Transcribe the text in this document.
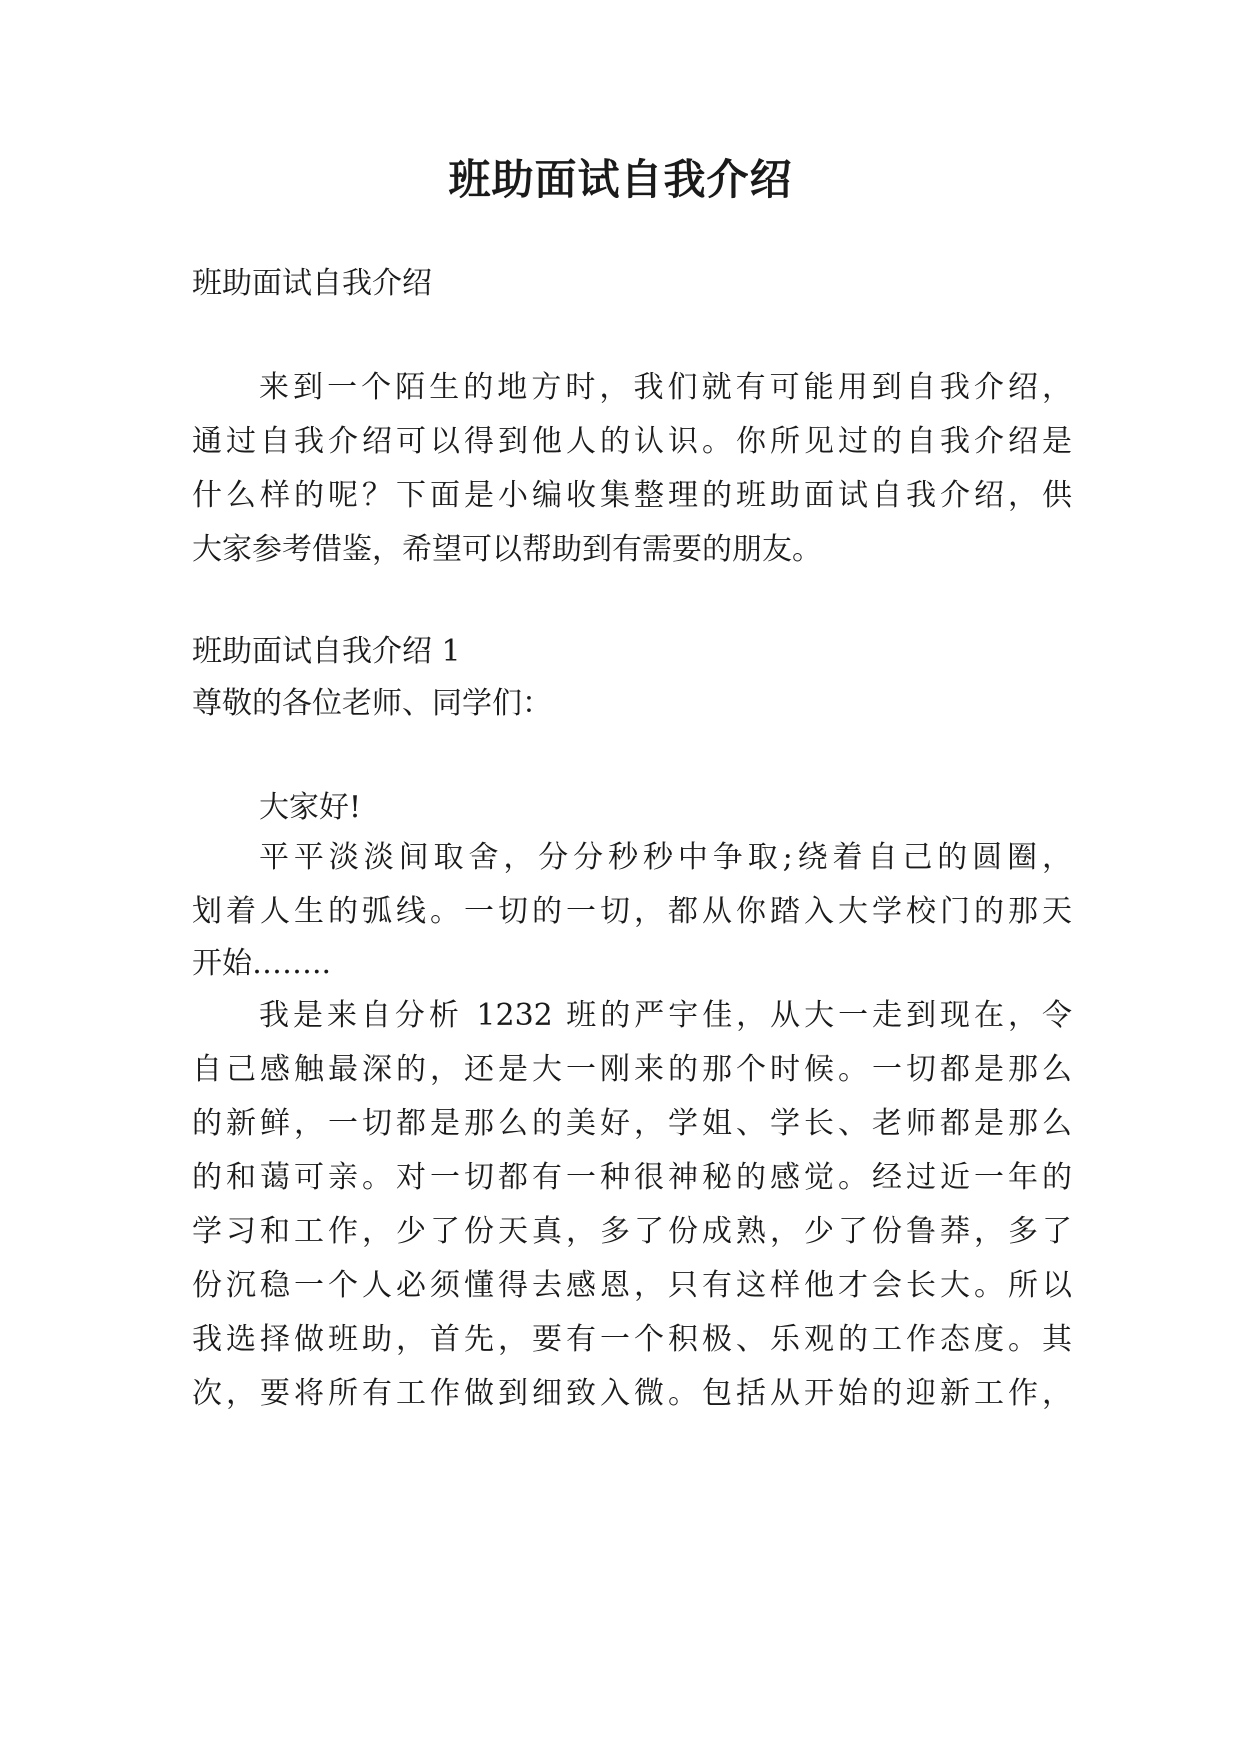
班助面试自我介绍
班助面试自我介绍
来到一个陌生的地方时，我们就有可能用到自我介绍，
通过自我介绍可以得到他人的认识。你所见过的自我介绍是
什么样的呢？下面是小编收集整理的班助面试自我介绍，供
大家参考借鉴，希望可以帮助到有需要的朋友。
班助面试自我介绍 1
尊敬的各位老师、同学们：
大家好!
平平淡淡间取舍，分分秒秒中争取;绕着自己的圆圈，
划着人生的弧线。一切的一切，都从你踏入大学校门的那天
开始……..
我是来自分析 1232 班的严宇佳，从大一走到现在，令
自己感触最深的，还是大一刚来的那个时候。一切都是那么
的新鲜，一切都是那么的美好，学姐、学长、老师都是那么
的和蔼可亲。对一切都有一种很神秘的感觉。经过近一年的
学习和工作，少了份天真，多了份成熟，少了份鲁莽，多了
份沉稳一个人必须懂得去感恩，只有这样他才会长大。所以
我选择做班助，首先，要有一个积极、乐观的工作态度。其
次，要将所有工作做到细致入微。包括从开始的迎新工作，
